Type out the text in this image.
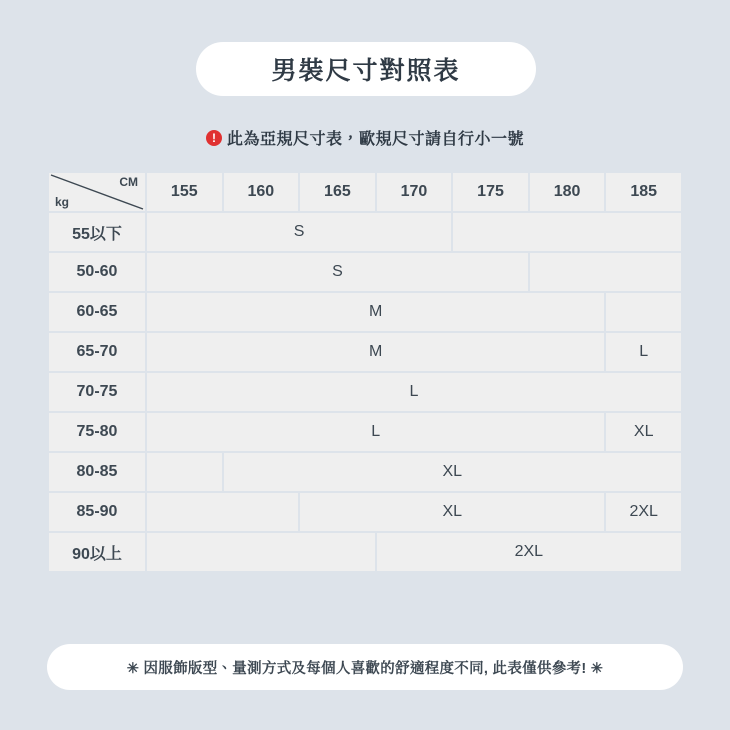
男裝尺寸對照表
! 此為亞規尺寸表，歐規尺寸請自行小一號
CM
kg	155	160	165	170	175	180	185
55以下	S						
50-60	S						
60-65	M						
65-70	M						L
70-75	L						
75-80	L						XL
80-85		XL					
85-90			XL				2XL
90以上				2XL			
✳ 因服飾版型、量測方式及每個人喜歡的舒適程度不同, 此表僅供參考! ✳
